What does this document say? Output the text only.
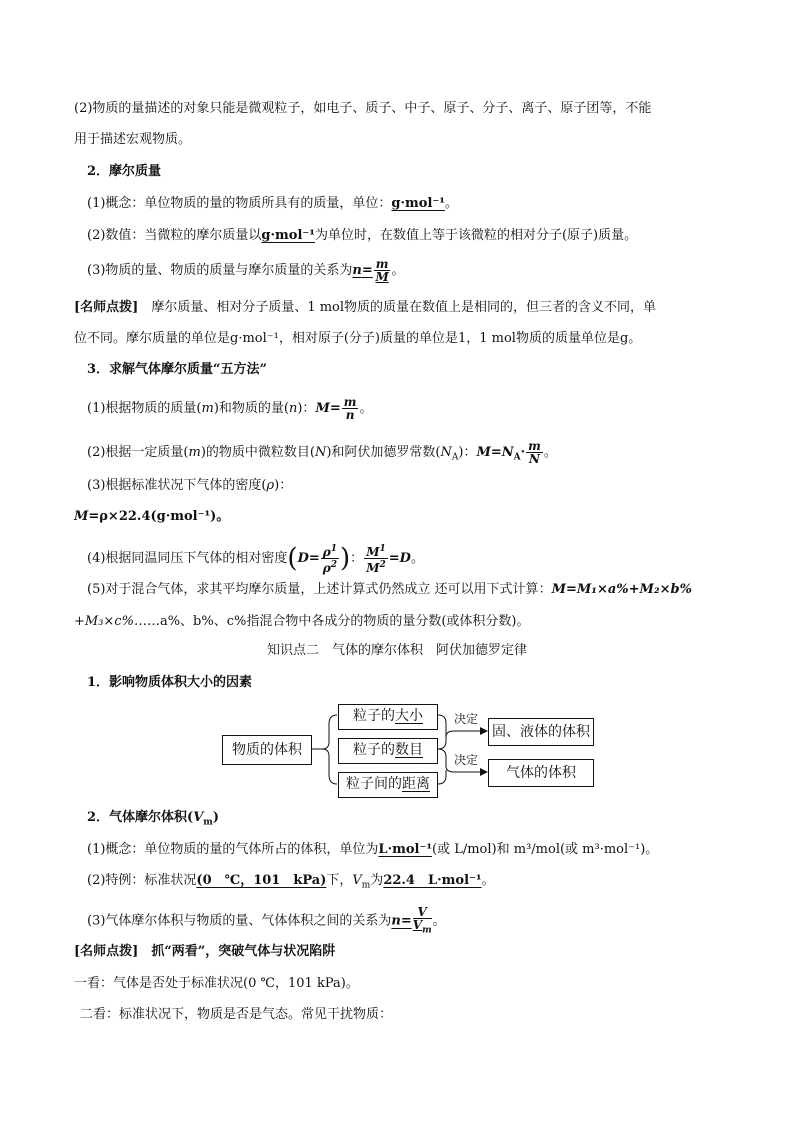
(2)物质的量描述的对象只能是微观粒子，如电子、质子、中子、原子、分子、离子、原子团等，不能
用于描述宏观物质。
2．摩尔质量
(1)概念：单位物质的量的物质所具有的质量，单位：g·mol⁻¹。
(2)数值：当微粒的摩尔质量以g·mol⁻¹为单位时，在数值上等于该微粒的相对分子(原子)质量。
(3)物质的量、物质的质量与摩尔质量的关系为$n= \frac{m}{M}$ 。
[名师点拨]　摩尔质量、相对分子质量、1 mol物质的质量在数值上是相同的，但三者的含义不同，单
位不同。摩尔质量的单位是g·mol⁻¹，相对原子(分子)质量的单位是1，1 mol物质的质量单位是g。
3．求解气体摩尔质量“五方法”
(1)根据物质的质量(m)和物质的量(n)：$M= \frac{m}{n}$ 。
(2)根据一定质量(m)的物质中微粒数目(N)和阿伏加德罗常数$(N_A)$：$M=N_A\cdot \frac{m}{N}$ 。
(3)根据标准状况下气体的密度(ρ)：
M=ρ×22.4(g·mol⁻¹)。
(4)根据同温同压下气体的相对密度($D= \frac{\rho^1}{\rho^2}$ )： $\frac{M^1}{M^2} =D$。
(5)对于混合气体，求其平均摩尔质量，上述计算式仍然成立 还可以用下式计算：M=M₁×a%+M₂×b%
+M₃×c%……a%、b%、c%指混合物中各成分的物质的量分数(或体积分数)。
知识点二　气体的摩尔体积　阿伏加德罗定律
1．影响物质体积大小的因素
物质的体积
粒子的大小
粒子的数目
粒子间的距离
决定
决定
固、液体的体积
气体的体积
2．气体摩尔体积$(V_m)$
(1)概念：单位物质的量的气体所占的体积，单位为L·mol⁻¹(或 L/mol)和 m³/mol(或 m³·mol⁻¹)。
(2)特例：标准状况(0　℃，101　kPa)下，$V_m$为22.4　L·mol⁻¹。
(3)气体摩尔体积与物质的量、气体体积之间的关系为$n= \frac{V}{V_m}$ 。
[名师点拨]　抓“两看”，突破气体与状况陷阱
一看：气体是否处于标准状况(0 ℃，101 kPa)。
二看：标准状况下，物质是否是气态。常见干扰物质：
